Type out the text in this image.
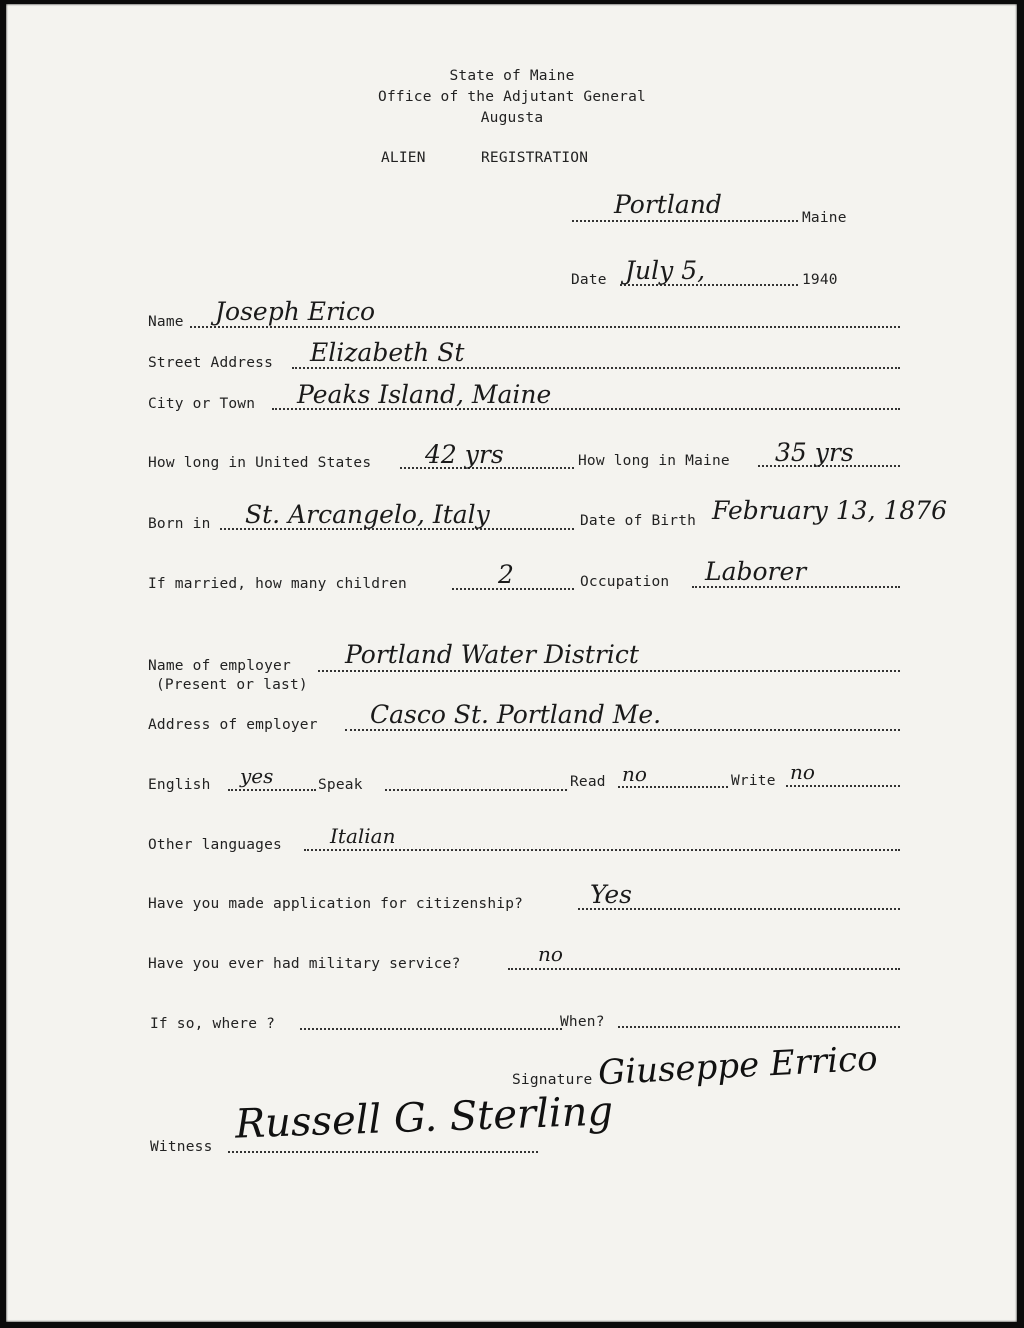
State of Maine
Office of the Adjutant General
Augusta
ALIEN	REGISTRATION
Portland	Maine
Date July 5,	1940
Name Joseph Erico
Street Address Elizabeth St
City or Town Peaks Island, Maine
How long in United States 42 yrs	How long in Maine 35 yrs
Born in St. Arcangelo, Italy	Date of Birth February 13, 1876
If married, how many children	2	Occupation Laborer
Name of employer
(Present or last)
Portland Water District
Address of employer Casco St. Portland Me.
English yes	Speak	Read no	Write no
Other languages Italian
Have you made application for citizenship?	Yes
Have you ever had military service?	no
If so, where ?	When?
Signature Giuseppe Errico
Witness Russell G. Sterling
